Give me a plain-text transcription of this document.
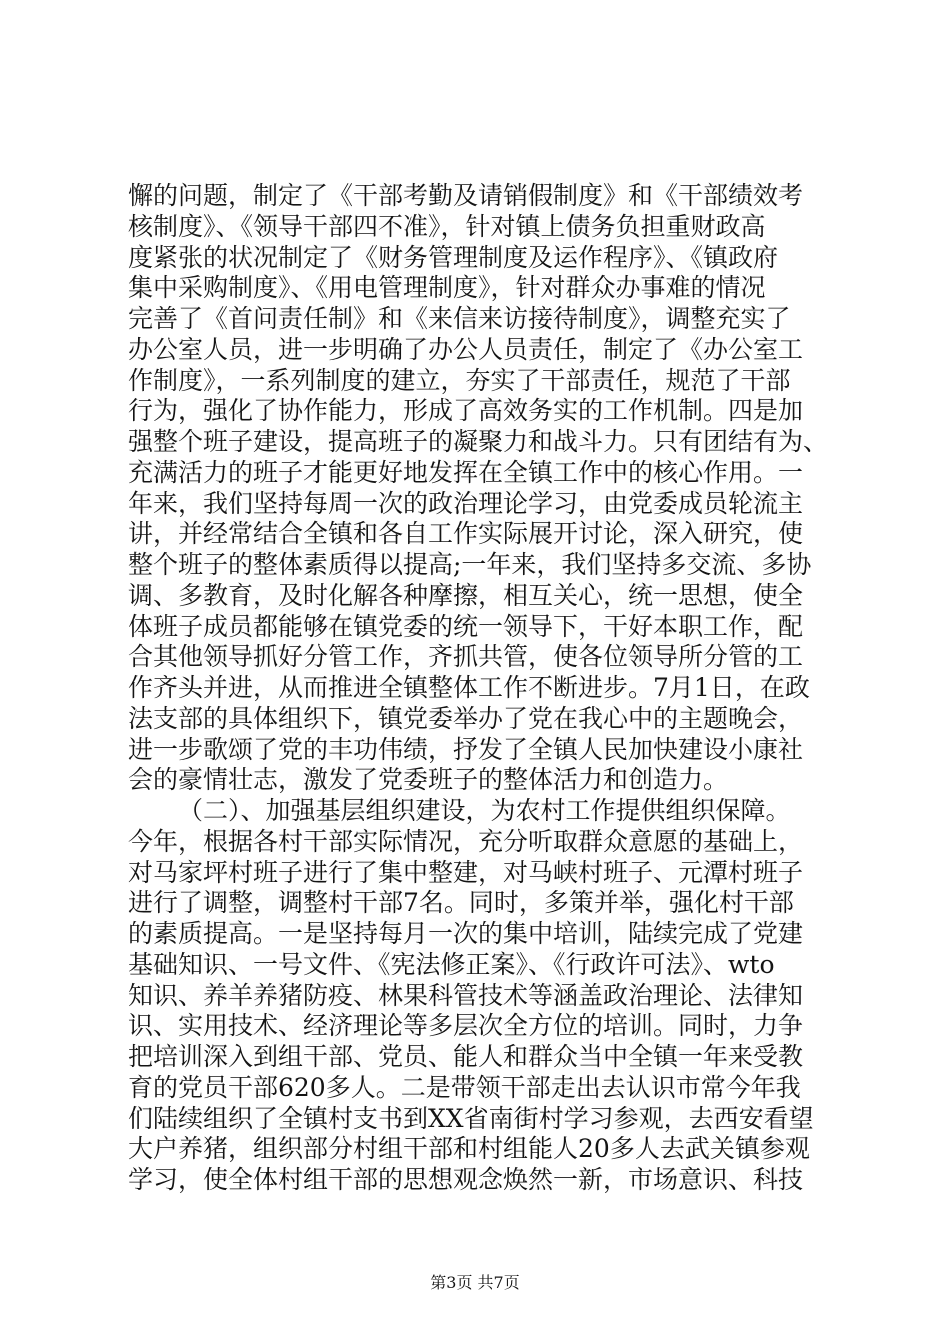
懈的问题，制定了《干部考勤及请销假制度》和《干部绩效考
核制度》、《领导干部四不准》，针对镇上债务负担重财政高
度紧张的状况制定了《财务管理制度及运作程序》、《镇政府
集中采购制度》、《用电管理制度》，针对群众办事难的情况
完善了《首问责任制》和《来信来访接待制度》，调整充实了
办公室人员，进一步明确了办公人员责任，制定了《办公室工
作制度》，一系列制度的建立，夯实了干部责任，规范了干部
行为，强化了协作能力，形成了高效务实的工作机制。四是加
强整个班子建设，提高班子的凝聚力和战斗力。只有团结有为、
充满活力的班子才能更好地发挥在全镇工作中的核心作用。一
年来，我们坚持每周一次的政治理论学习，由党委成员轮流主
讲，并经常结合全镇和各自工作实际展开讨论，深入研究，使
整个班子的整体素质得以提高;一年来，我们坚持多交流、多协
调、多教育，及时化解各种摩擦，相互关心，统一思想，使全
体班子成员都能够在镇党委的统一领导下，干好本职工作，配
合其他领导抓好分管工作，齐抓共管，使各位领导所分管的工
作齐头并进，从而推进全镇整体工作不断进步。7月1日，在政
法支部的具体组织下，镇党委举办了党在我心中的主题晚会，
进一步歌颂了党的丰功伟绩，抒发了全镇人民加快建设小康社
会的豪情壮志，激发了党委班子的整体活力和创造力。
（二）、加强基层组织建设，为农村工作提供组织保障。
今年，根据各村干部实际情况，充分听取群众意愿的基础上，
对马家坪村班子进行了集中整建，对马峡村班子、元潭村班子
进行了调整，调整村干部7名。同时，多策并举，强化村干部
的素质提高。一是坚持每月一次的集中培训，陆续完成了党建
基础知识、一号文件、《宪法修正案》、《行政许可法》、wto
知识、养羊养猪防疫、林果科管技术等涵盖政治理论、法律知
识、实用技术、经济理论等多层次全方位的培训。同时，力争
把培训深入到组干部、党员、能人和群众当中全镇一年来受教
育的党员干部620多人。二是带领干部走出去认识市常今年我
们陆续组织了全镇村支书到XX省南街村学习参观，去西安看望
大户养猪，组织部分村组干部和村组能人20多人去武关镇参观
学习，使全体村组干部的思想观念焕然一新，市场意识、科技
第3页 共7页
